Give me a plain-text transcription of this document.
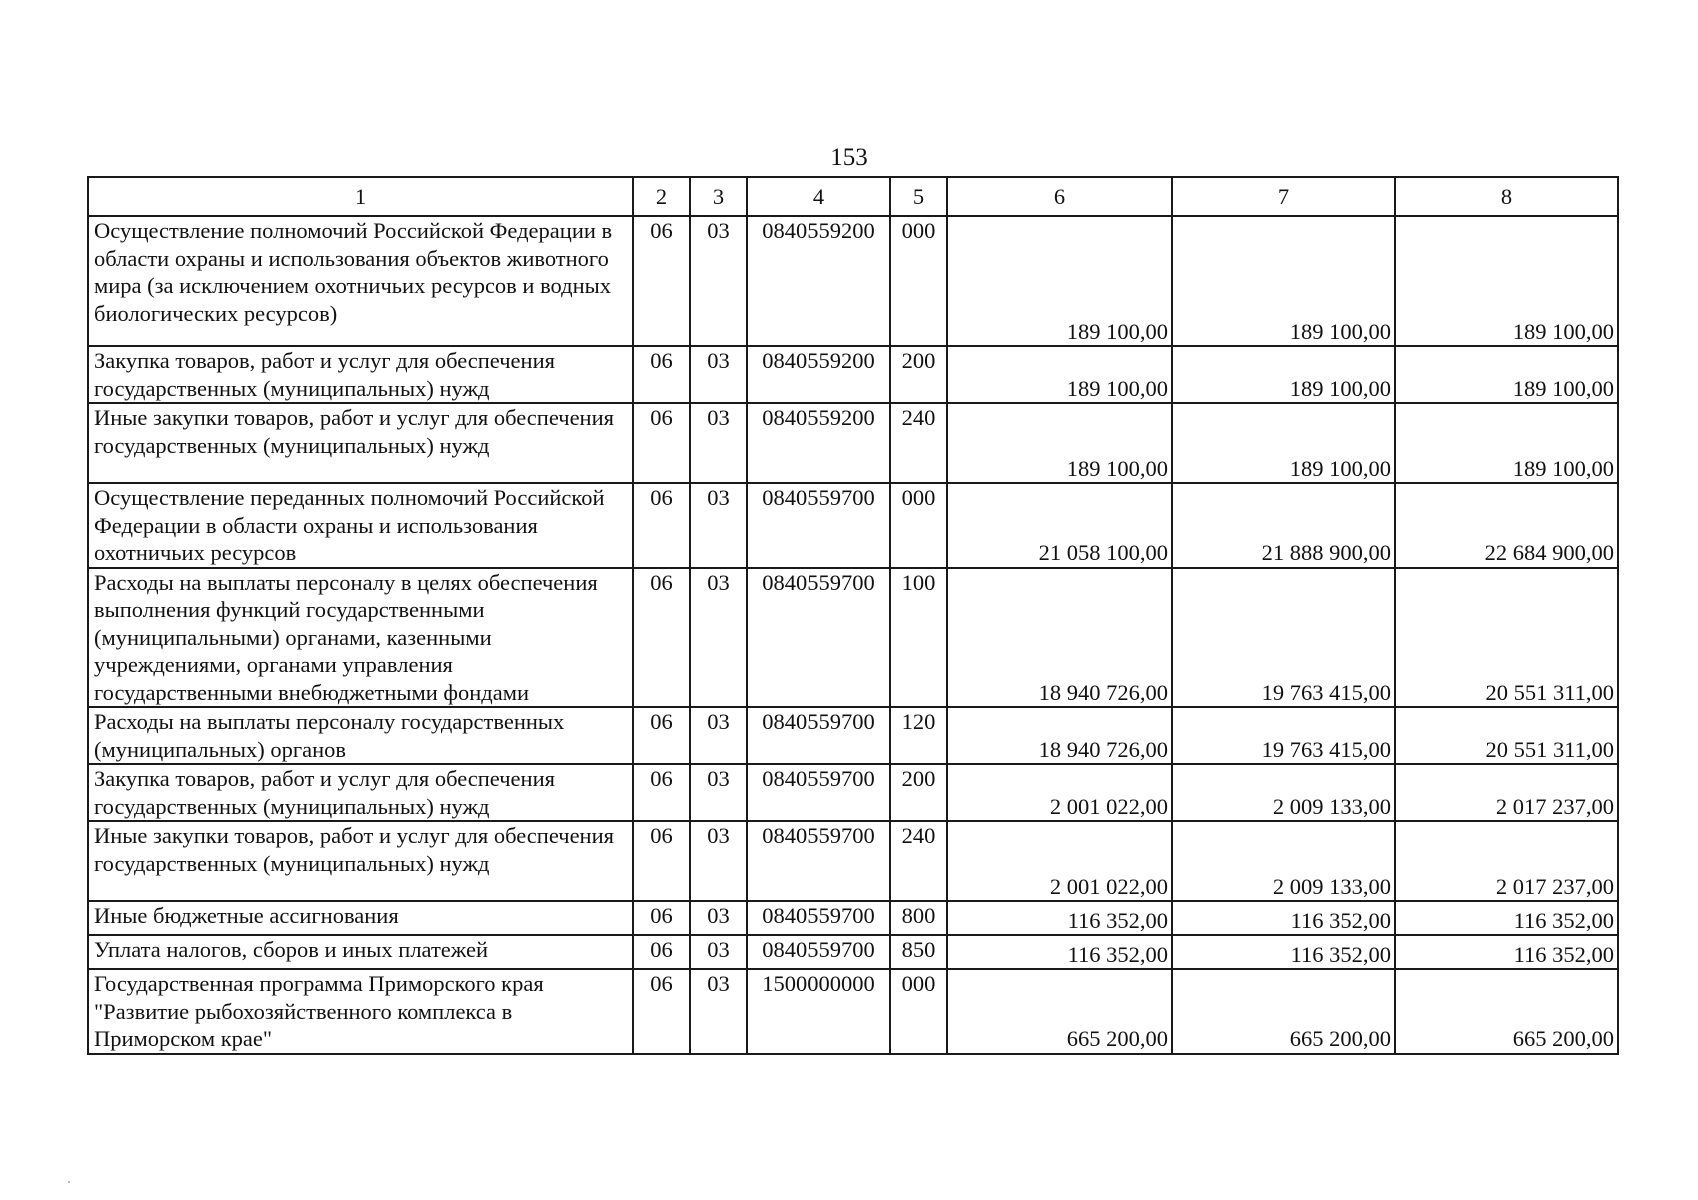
153
1	2	3	4	5	6	7	8
Осуществление полномочий Российской Федерации в области охраны и использования объектов животного мира (за исключением охотничьих ресурсов и водных биологических ресурсов)	06	03	0840559200	000	189 100,00	189 100,00	189 100,00
Закупка товаров, работ и услуг для обеспечения государственных (муниципальных) нужд	06	03	0840559200	200	189 100,00	189 100,00	189 100,00
Иные закупки товаров, работ и услуг для обеспечения государственных (муниципальных) нужд	06	03	0840559200	240	189 100,00	189 100,00	189 100,00
Осуществление переданных полномочий Российской Федерации в области охраны и использования охотничьих ресурсов	06	03	0840559700	000	21 058 100,00	21 888 900,00	22 684 900,00
Расходы на выплаты персоналу в целях обеспечения выполнения функций государственными (муниципальными) органами, казенными учреждениями, органами управления государственными внебюджетными фондами	06	03	0840559700	100	18 940 726,00	19 763 415,00	20 551 311,00
Расходы на выплаты персоналу государственных (муниципальных) органов	06	03	0840559700	120	18 940 726,00	19 763 415,00	20 551 311,00
Закупка товаров, работ и услуг для обеспечения государственных (муниципальных) нужд	06	03	0840559700	200	2 001 022,00	2 009 133,00	2 017 237,00
Иные закупки товаров, работ и услуг для обеспечения государственных (муниципальных) нужд	06	03	0840559700	240	2 001 022,00	2 009 133,00	2 017 237,00
Иные бюджетные ассигнования	06	03	0840559700	800	116 352,00	116 352,00	116 352,00
Уплата налогов, сборов и иных платежей	06	03	0840559700	850	116 352,00	116 352,00	116 352,00
Государственная программа Приморского края "Развитие рыбохозяйственного комплекса в Приморском крае"	06	03	1500000000	000	665 200,00	665 200,00	665 200,00
